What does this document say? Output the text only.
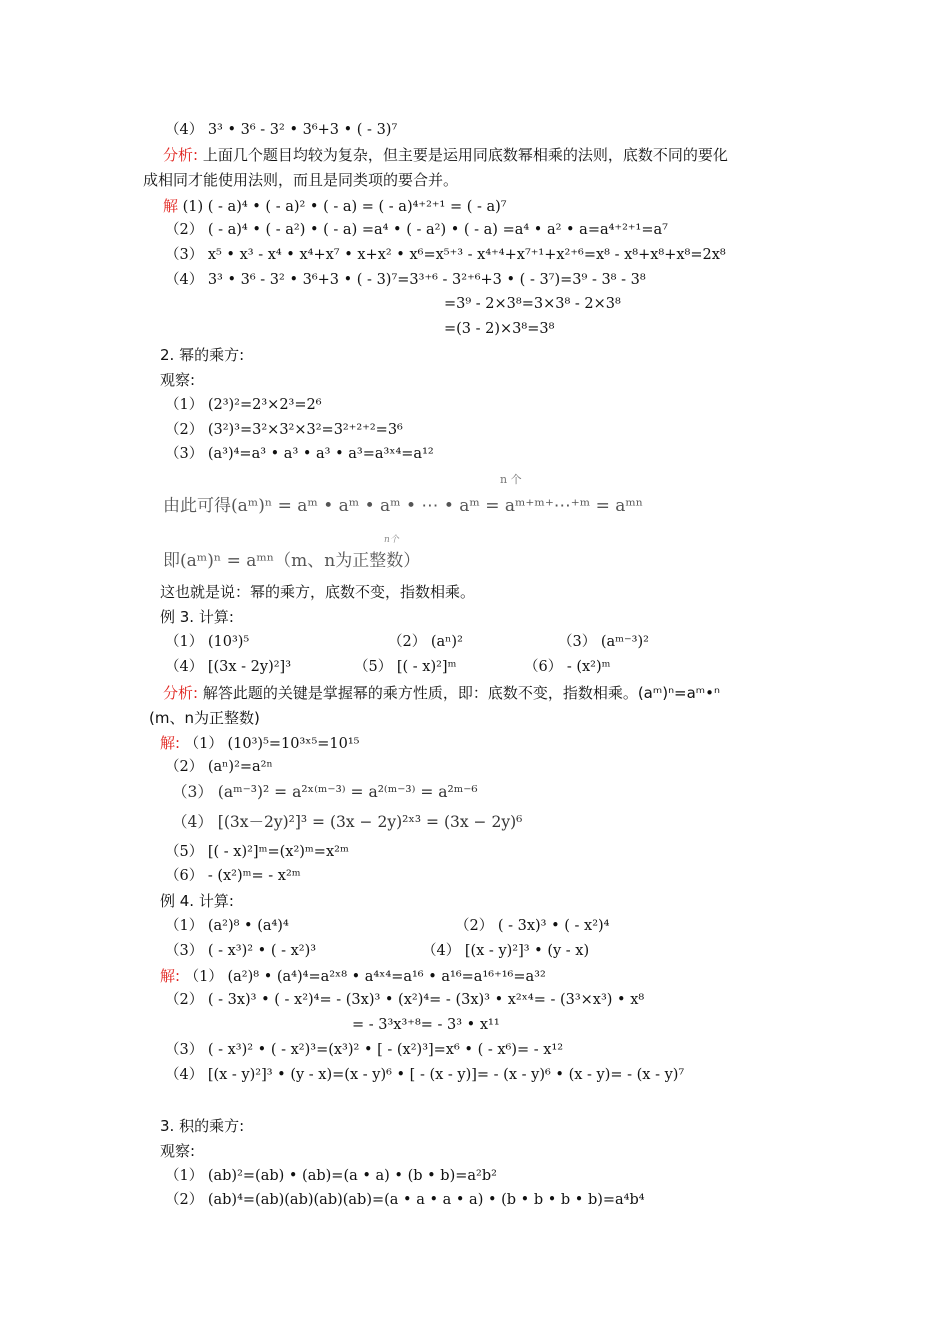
（4） 3³ • 3⁶ - 3² • 3⁶+3 • ( - 3)⁷
分析: 上面几个题目均较为复杂，但主要是运用同底数幂相乘的法则，底数不同的要化
成相同才能使用法则，而且是同类项的要合并。
解 (1) ( - a)⁴ • ( - a)² • ( - a) = ( - a)⁴⁺²⁺¹ = ( - a)⁷
（2） ( - a)⁴ • ( - a²) • ( - a) =a⁴ • ( - a²) • ( - a) =a⁴ • a² • a=a⁴⁺²⁺¹=a⁷
（3） x⁵ • x³ - x⁴ • x⁴+x⁷ • x+x² • x⁶=x⁵⁺³ - x⁴⁺⁴+x⁷⁺¹+x²⁺⁶=x⁸ - x⁸+x⁸+x⁸=2x⁸
（4） 3³ • 3⁶ - 3² • 3⁶+3 • ( - 3)⁷=3³⁺⁶ - 3²⁺⁶+3 • ( - 3⁷)=3⁹ - 3⁸ - 3⁸
=3⁹ - 2×3⁸=3×3⁸ - 2×3⁸
=(3 - 2)×3⁸=3⁸
2. 幂的乘方:
观察:
（1） (2³)²=2³×2³=2⁶
（2） (3²)³=3²×3²×3²=3²⁺²⁺²=3⁶
（3） (a³)⁴=a³ • a³ • a³ • a³=a³ˣ⁴=a¹²
n 个
由此可得(aᵐ)ⁿ = aᵐ • aᵐ • aᵐ • ⋯ • aᵐ = aᵐ⁺ᵐ⁺⋯⁺ᵐ = aᵐⁿ
n个
即(aᵐ)ⁿ = aᵐⁿ（m、n为正整数）
这也就是说：幂的乘方，底数不变，指数相乘。
例 3. 计算:
（1） (10³)⁵	（2） (aⁿ)²	（3） (aᵐ⁻³)²
（4） [(3x - 2y)²]³	（5） [( - x)²]ᵐ	（6） - (x²)ᵐ
分析: 解答此题的关键是掌握幂的乘方性质，即：底数不变，指数相乘。(aᵐ)ⁿ=aᵐ•ⁿ
(m、n为正整数)
解: （1） (10³)⁵=10³ˣ⁵=10¹⁵
（2） (aⁿ)²=a²ⁿ
（3） (aᵐ⁻³)² = a²ˣ⁽ᵐ⁻³⁾ = a²⁽ᵐ⁻³⁾ = a²ᵐ⁻⁶
（4） [(3x－2y)²]³ = (3x − 2y)²ˣ³ = (3x − 2y)⁶
（5） [( - x)²]ᵐ=(x²)ᵐ=x²ᵐ
（6） - (x²)ᵐ= - x²ᵐ
例 4. 计算:
（1） (a²)⁸ • (a⁴)⁴	（2） ( - 3x)³ • ( - x²)⁴
（3） ( - x³)² • ( - x²)³	（4） [(x - y)²]³ • (y - x)
解: （1） (a²)⁸ • (a⁴)⁴=a²ˣ⁸ • a⁴ˣ⁴=a¹⁶ • a¹⁶=a¹⁶⁺¹⁶=a³²
（2） ( - 3x)³ • ( - x²)⁴= - (3x)³ • (x²)⁴= - (3x)³ • x²ˣ⁴= - (3³×x³) • x⁸
= - 3³x³⁺⁸= - 3³ • x¹¹
（3） ( - x³)² • ( - x²)³=(x³)² • [ - (x²)³]=x⁶ • ( - x⁶)= - x¹²
（4） [(x - y)²]³ • (y - x)=(x - y)⁶ • [ - (x - y)]= - (x - y)⁶ • (x - y)= - (x - y)⁷
3. 积的乘方:
观察:
（1） (ab)²=(ab) • (ab)=(a • a) • (b • b)=a²b²
（2） (ab)⁴=(ab)(ab)(ab)(ab)=(a • a • a • a) • (b • b • b • b)=a⁴b⁴
